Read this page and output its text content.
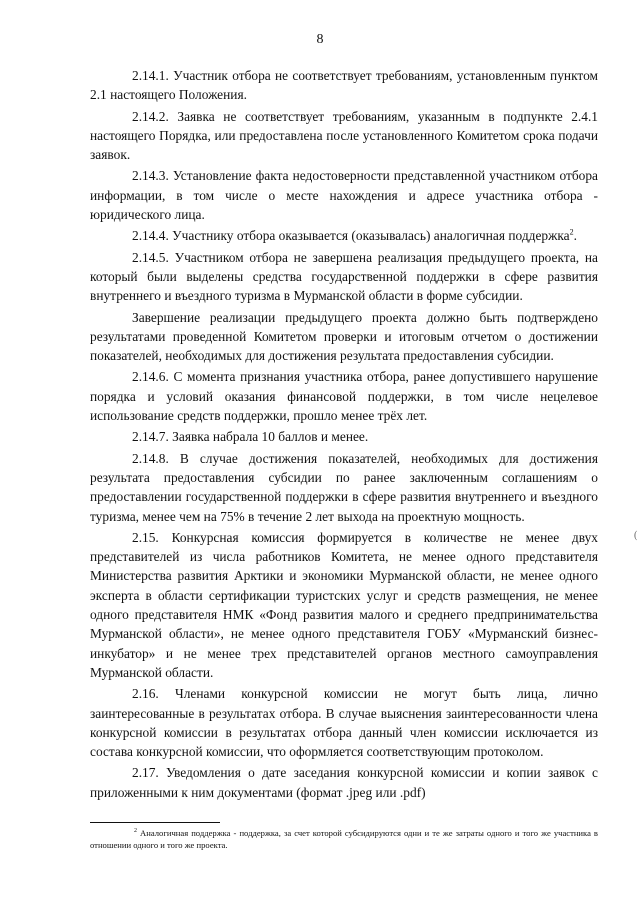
8

2.14.1. Участник отбора не соответствует требованиям, установленным пунктом 2.1 настоящего Положения.

2.14.2. Заявка не соответствует требованиям, указанным в подпункте 2.4.1 настоящего Порядка, или предоставлена после установленного Комитетом срока подачи заявок.

2.14.3. Установление факта недостоверности представленной участником отбора информации, в том числе о месте нахождения и адресе участника отбора - юридического лица.

2.14.4. Участнику отбора оказывается (оказывалась) аналогичная поддержка$^2$.

2.14.5. Участником отбора не завершена реализация предыдущего проекта, на который были выделены средства государственной поддержки в сфере развития внутреннего и въездного туризма в Мурманской области в форме субсидии.

Завершение реализации предыдущего проекта должно быть подтверждено результатами проведенной Комитетом проверки и итоговым отчетом о достижении показателей, необходимых для достижения результата предоставления субсидии.

2.14.6. С момента признания участника отбора, ранее допустившего нарушение порядка и условий оказания финансовой поддержки, в том числе нецелевое использование средств поддержки, прошло менее трёх лет.

2.14.7. Заявка набрала 10 баллов и менее.

2.14.8. В случае достижения показателей, необходимых для достижения результата предоставления субсидии по ранее заключенным соглашениям о предоставлении государственной поддержки в сфере развития внутреннего и въездного туризма, менее чем на 75% в течение 2 лет выхода на проектную мощность.

2.15. Конкурсная комиссия формируется в количестве не менее двух представителей из числа работников Комитета, не менее одного представителя Министерства развития Арктики и экономики Мурманской области, не менее одного эксперта в области сертификации туристских услуг и средств размещения, не менее одного представителя НМК «Фонд развития малого и среднего предпринимательства Мурманской области», не менее одного представителя ГОБУ «Мурманский бизнес-инкубатор» и не менее трех представителей органов местного самоуправления Мурманской области.

2.16. Членами конкурсной комиссии не могут быть лица, лично заинтересованные в результатах отбора. В случае выяснения заинтересованности члена конкурсной комиссии в результатах отбора данный член комиссии исключается из состава конкурсной комиссии, что оформляется соответствующим протоколом.

2.17. Уведомления о дате заседания конкурсной комиссии и копии заявок с приложенными к ним документами (формат .jpeg или .pdf)

$^2$ Аналогичная поддержка - поддержка, за счет которой субсидируются одни и те же затраты одного и того же участника в отношении одного и того же проекта.
(
